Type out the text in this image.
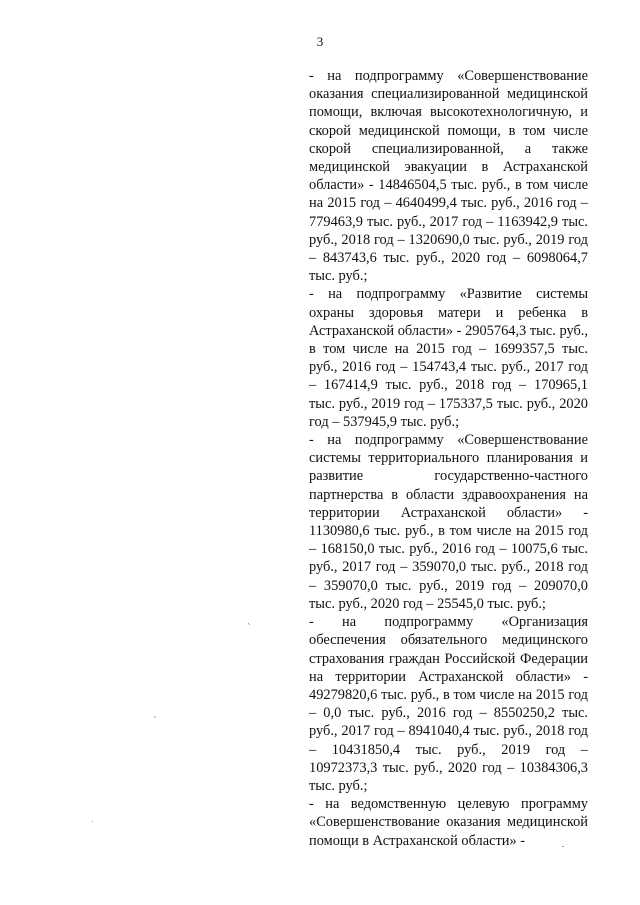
3

- на подпрограмму «Совершенствование оказания специализированной медицинской помощи, включая высокотехнологичную, и скорой медицинской помощи, в том числе скорой специализированной, а также медицинской эвакуации в Астраханской области» - 14846504,5 тыс. руб., в том числе на 2015 год – 4640499,4 тыс. руб., 2016 год – 779463,9 тыс. руб., 2017 год – 1163942,9 тыс. руб., 2018 год – 1320690,0 тыс. руб., 2019 год – 843743,6 тыс. руб., 2020 год – 6098064,7 тыс. руб.;

- на подпрограмму «Развитие системы охраны здоровья матери и ребенка в Астраханской области» - 2905764,3 тыс. руб., в том числе на 2015 год – 1699357,5 тыс. руб., 2016 год – 154743,4 тыс. руб., 2017 год – 167414,9 тыс. руб., 2018 год – 170965,1 тыс. руб., 2019 год – 175337,5 тыс. руб., 2020 год – 537945,9 тыс. руб.;

- на подпрограмму «Совершенствование системы территориального планирования и развитие государственно-частного партнерства в области здравоохранения на территории Астраханской области» - 1130980,6 тыс. руб., в том числе на 2015 год – 168150,0 тыс. руб., 2016 год – 10075,6 тыс. руб., 2017 год – 359070,0 тыс. руб., 2018 год – 359070,0 тыс. руб., 2019 год – 209070,0 тыс. руб., 2020 год – 25545,0 тыс. руб.;

- на подпрограмму «Организация обеспечения обязательного медицинского страхования граждан Российской Федерации на территории Астраханской области» - 49279820,6 тыс. руб., в том числе на 2015 год – 0,0 тыс. руб., 2016 год – 8550250,2 тыс. руб., 2017 год – 8941040,4 тыс. руб., 2018 год – 10431850,4 тыс. руб., 2019 год – 10972373,3 тыс. руб., 2020 год – 10384306,3 тыс. руб.;

- на ведомственную целевую программу «Совершенствование оказания медицинской помощи в Астраханской области» -
